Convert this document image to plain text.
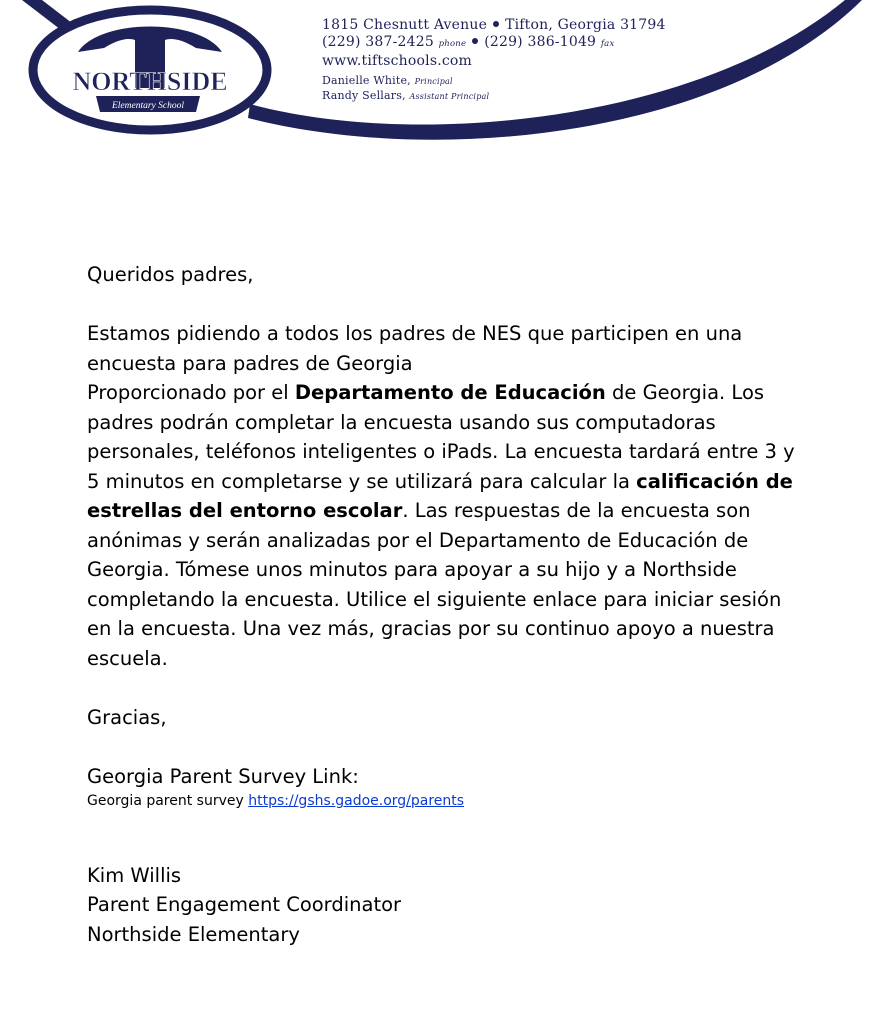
NORTHSIDE
Elementary School
1815 Chesnutt Avenue Tifton, Georgia 31794
(229) 387-2425 phone (229) 386-1049 fax
www.tiftschools.com
Danielle White, Principal
Randy Sellars, Assistant Principal

Queridos padres,

Estamos pidiendo a todos los padres de NES que participen en una encuesta para padres de Georgia

Proporcionado por el Departamento de Educación de Georgia. Los padres podrán completar la encuesta usando sus computadoras personales, teléfonos inteligentes o iPads. La encuesta tardará entre 3 y 5 minutos en completarse y se utilizará para calcular la calificación de estrellas del entorno escolar. Las respuestas de la encuesta son anónimas y serán analizadas por el Departamento de Educación de Georgia. Tómese unos minutos para apoyar a su hijo y a Northside completando la encuesta. Utilice el siguiente enlace para iniciar sesión en la encuesta. Una vez más, gracias por su continuo apoyo a nuestra escuela.

Gracias,

Georgia Parent Survey Link:

Georgia parent survey https://gshs.gadoe.org/parents

Kim Willis

Parent Engagement Coordinator

Northside Elementary
